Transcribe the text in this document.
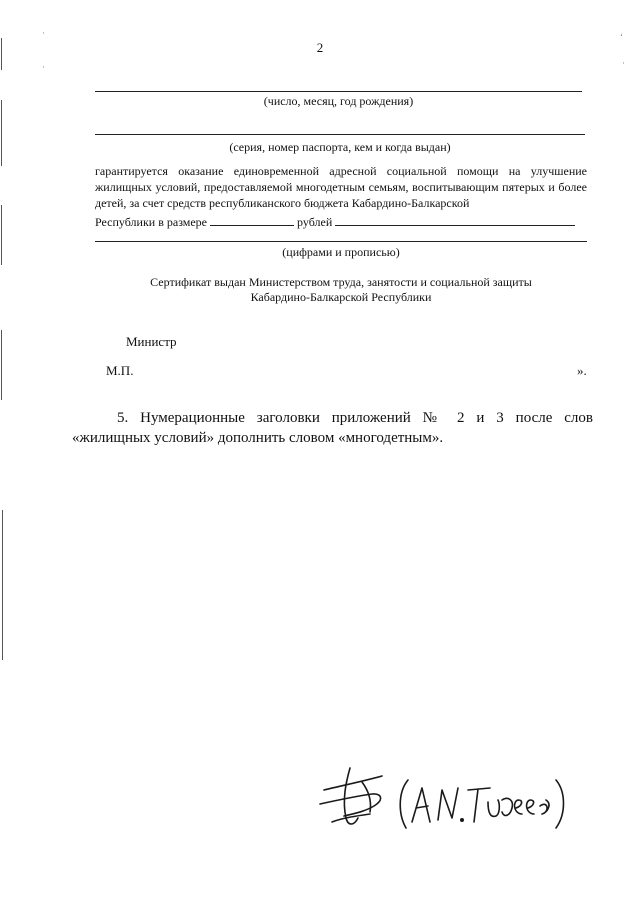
·
·
ʻ
·
2
(число, месяц, год рождения)
(серия, номер паспорта, кем и когда выдан)
гарантируется оказание единовременной адресной социальной помощи на улучшение жилищных условий, предоставляемой многодетным семьям, воспитывающим пятерых и более детей, за счет средств республиканского бюджета Кабардино-Балкарской
Республики в размере	рублей
(цифрами и прописью)
Сертификат выдан Министерством труда, занятости и социальной защиты
Кабардино-Балкарской Республики
Министр
М.П.	».
5. Нумерационные заголовки приложений № 2 и 3 после слов «жилищных условий» дополнить словом «многодетным».
